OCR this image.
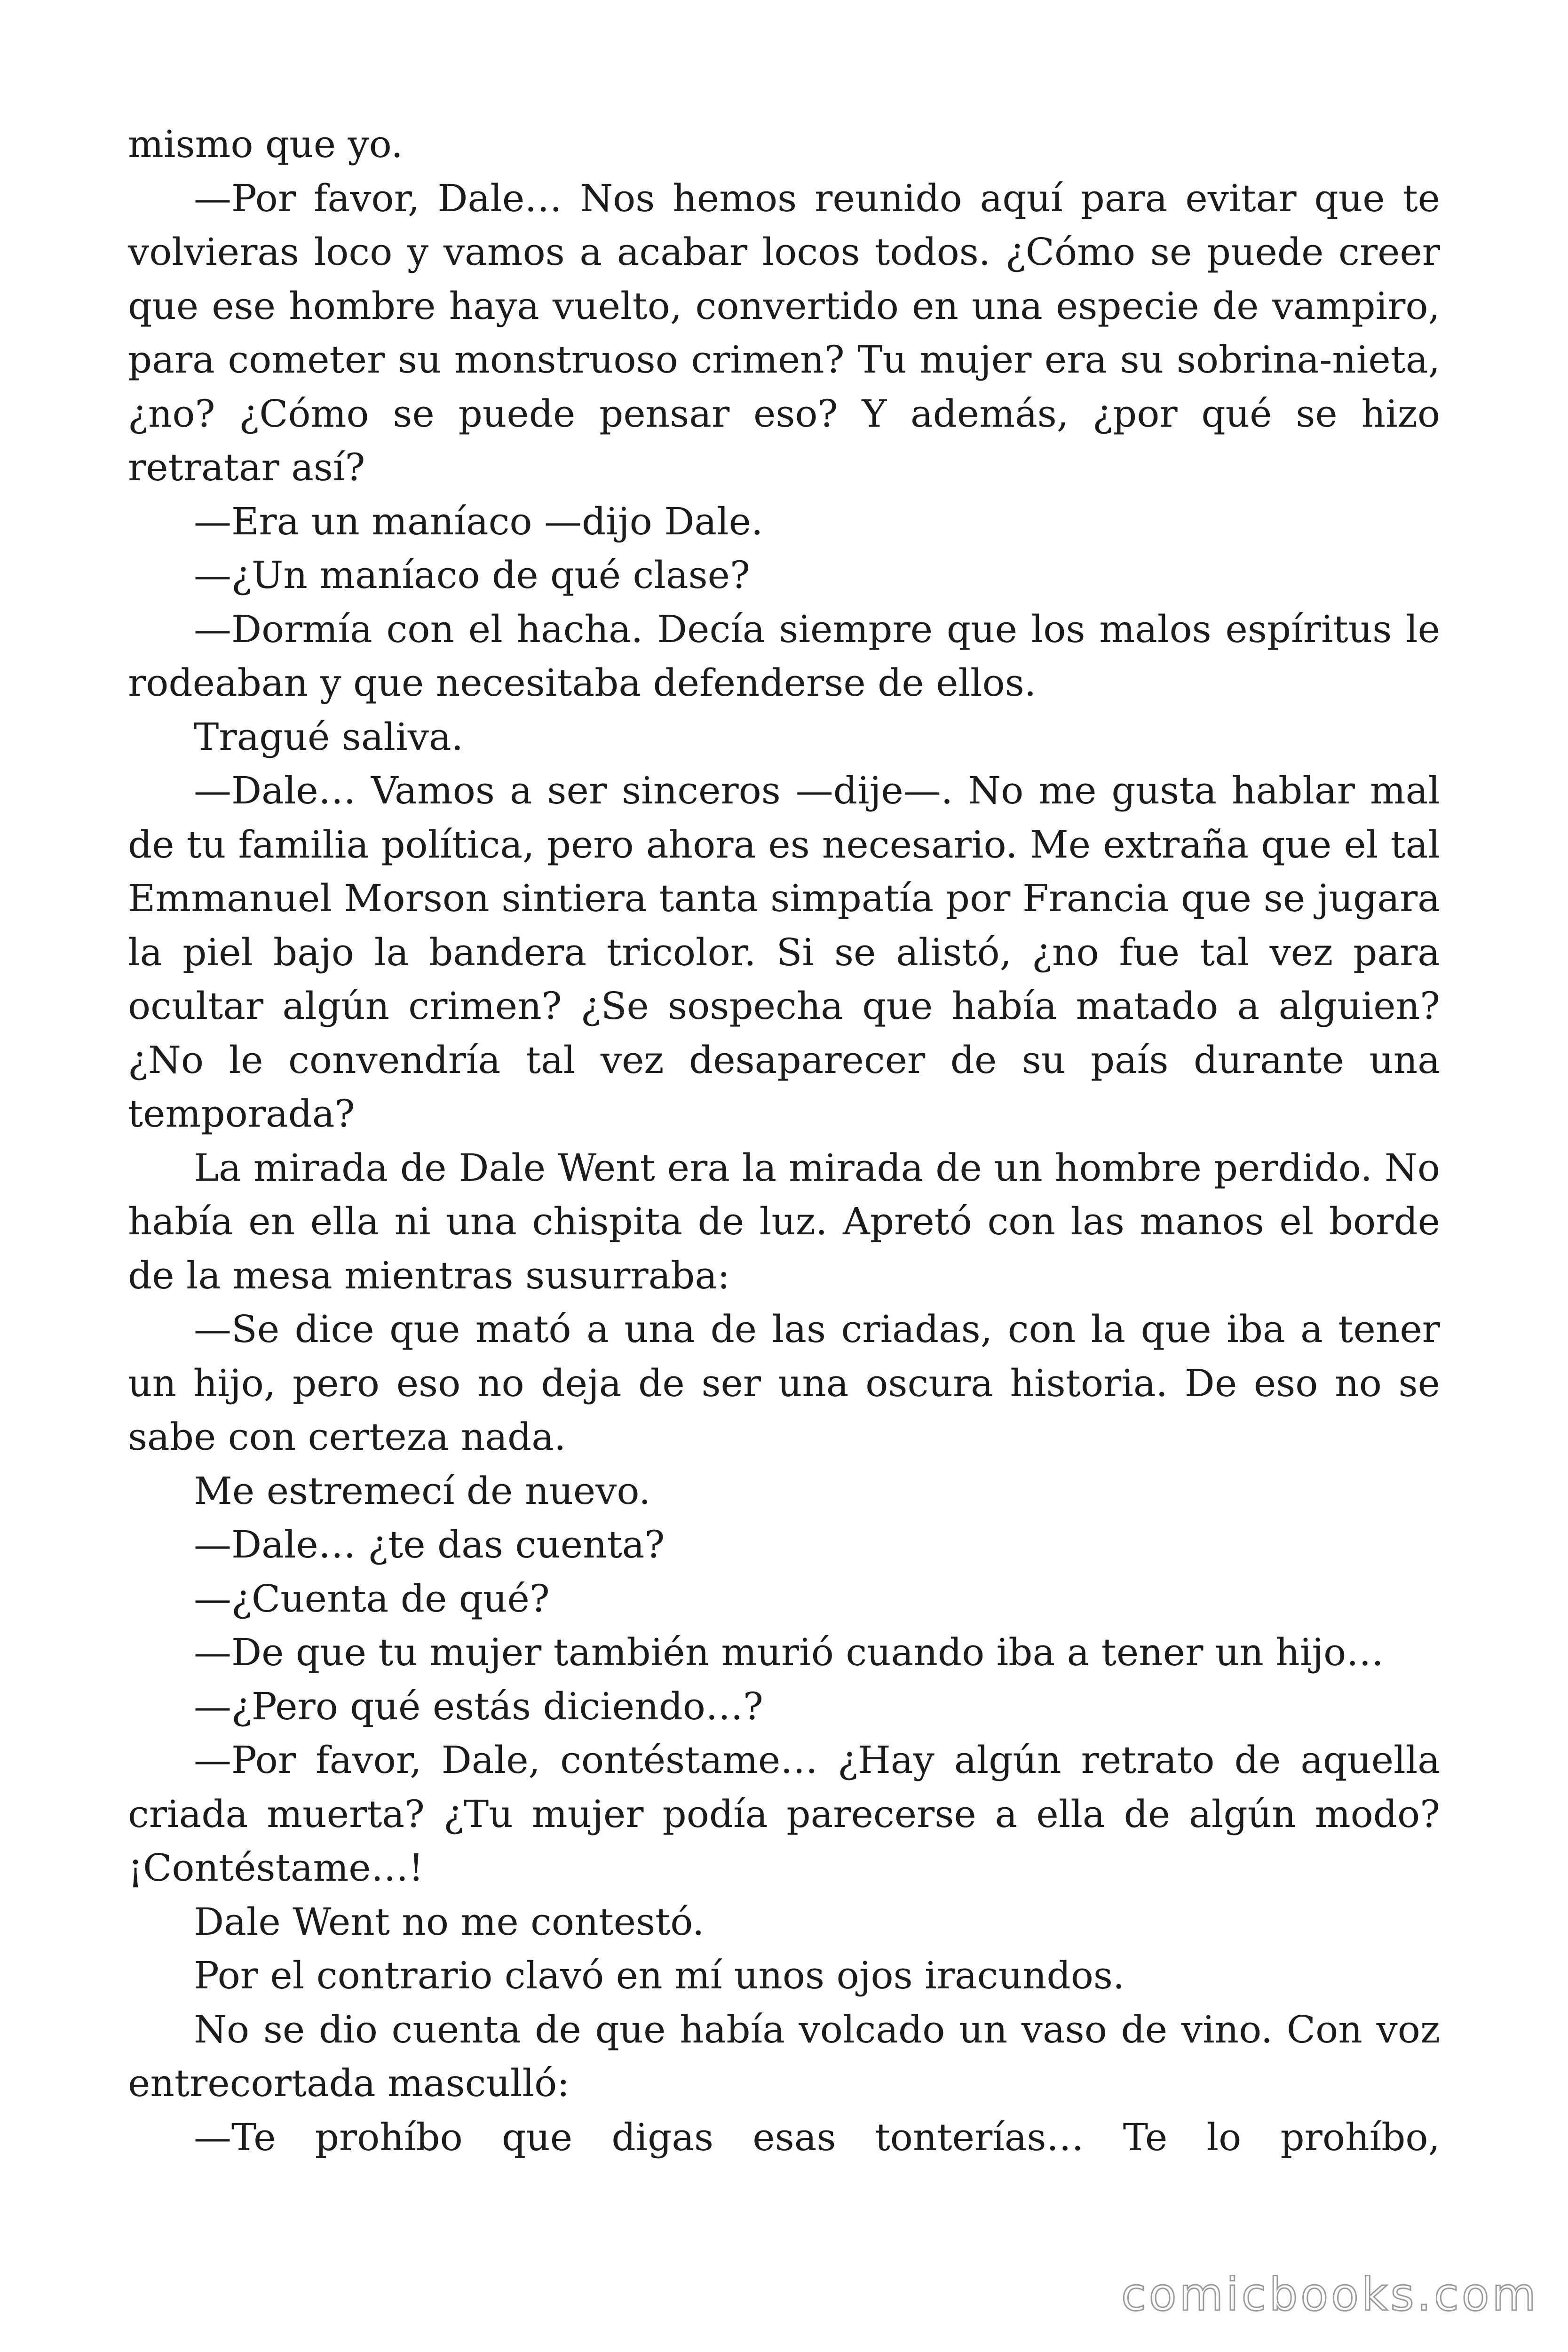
mismo que yo.

—Por favor, Dale… Nos hemos reunido aquí para evitar que te volvieras loco y vamos a acabar locos todos. ¿Cómo se puede creer que ese hombre haya vuelto, convertido en una especie de vampiro, para cometer su monstruoso crimen? Tu mujer era su sobrina-nieta, ¿no? ¿Cómo se puede pensar eso? Y además, ¿por qué se hizo retratar así?

—Era un maníaco —dijo Dale.

—¿Un maníaco de qué clase?

—Dormía con el hacha. Decía siempre que los malos espíritus le rodeaban y que necesitaba defenderse de ellos.

Tragué saliva.

—Dale… Vamos a ser sinceros —dije—. No me gusta hablar mal de tu familia política, pero ahora es necesario. Me extraña que el tal Emmanuel Morson sintiera tanta simpatía por Francia que se jugara la piel bajo la bandera tricolor. Si se alistó, ¿no fue tal vez para ocultar algún crimen? ¿Se sospecha que había matado a alguien? ¿No le convendría tal vez desaparecer de su país durante una temporada?

La mirada de Dale Went era la mirada de un hombre perdido. No había en ella ni una chispita de luz. Apretó con las manos el borde de la mesa mientras susurraba:

—Se dice que mató a una de las criadas, con la que iba a tener un hijo, pero eso no deja de ser una oscura historia. De eso no se sabe con certeza nada.

Me estremecí de nuevo.

—Dale… ¿te das cuenta?

—¿Cuenta de qué?

—De que tu mujer también murió cuando iba a tener un hijo…

—¿Pero qué estás diciendo…?

—Por favor, Dale, contéstame… ¿Hay algún retrato de aquella criada muerta? ¿Tu mujer podía parecerse a ella de algún modo? ¡Contéstame…!

Dale Went no me contestó.

Por el contrario clavó en mí unos ojos iracundos.

No se dio cuenta de que había volcado un vaso de vino. Con voz entrecortada masculló:

—Te prohíbo que digas esas tonterías… Te lo prohíbo,

comicbooks.com
